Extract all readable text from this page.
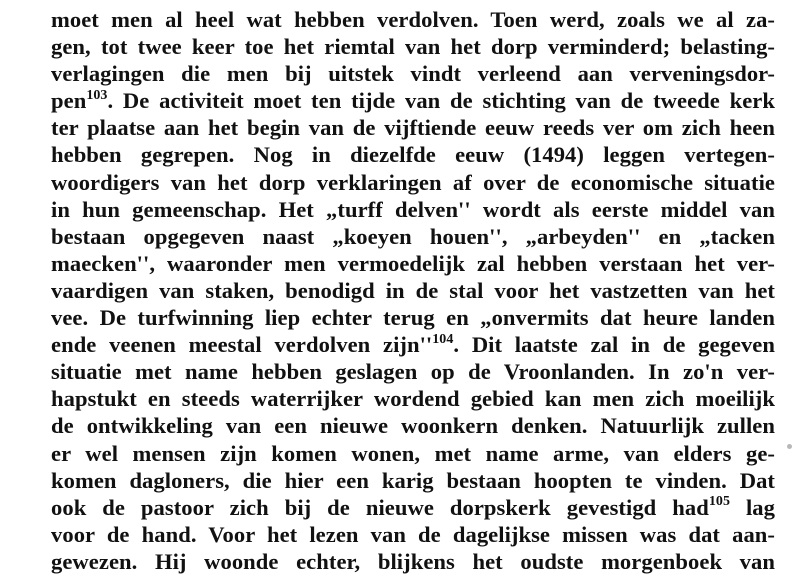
moet men al heel wat hebben verdolven. Toen werd, zoals we al za-
gen, tot twee keer toe het riemtal van het dorp verminderd; belasting-
verlagingen die men bij uitstek vindt verleend aan verveningsdor-
pen$^{103}$. De activiteit moet ten tijde van de stichting van de tweede kerk
ter plaatse aan het begin van de vijftiende eeuw reeds ver om zich heen
hebben gegrepen. Nog in diezelfde eeuw (1494) leggen vertegen-
woordigers van het dorp verklaringen af over de economische situatie
in hun gemeenschap. Het „turff delven'' wordt als eerste middel van
bestaan opgegeven naast „koeyen houen'', „arbeyden'' en „tacken
maecken'', waaronder men vermoedelijk zal hebben verstaan het ver-
vaardigen van staken, benodigd in de stal voor het vastzetten van het
vee. De turfwinning liep echter terug en „onvermits dat heure landen
ende veenen meestal verdolven $zijn''^{104}$. Dit laatste zal in de gegeven
situatie met name hebben geslagen op de Vroonlanden. In zo'n ver-
hapstukt en steeds waterrijker wordend gebied kan men zich moeilijk
de ontwikkeling van een nieuwe woonkern denken. Natuurlijk zullen
er wel mensen zijn komen wonen, met name arme, van elders ge-
komen dagloners, die hier een karig bestaan hoopten te vinden. Dat
ook de pastoor zich bij de nieuwe dorpskerk gevestigd had$^{105}$ lag
voor de hand. Voor het lezen van de dagelijkse missen was dat aan-
gewezen. Hij woonde echter, blijkens het oudste morgenboek van
